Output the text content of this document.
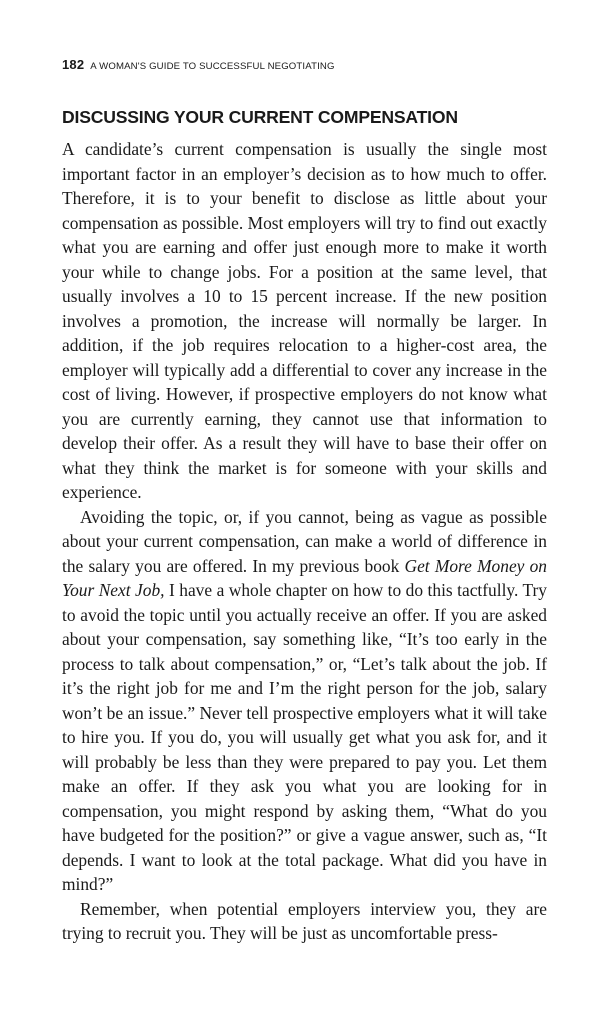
182 A WOMAN'S GUIDE TO SUCCESSFUL NEGOTIATING
DISCUSSING YOUR CURRENT COMPENSATION

A candidate’s current compensation is usually the single most important factor in an employer’s decision as to how much to offer. Therefore, it is to your benefit to disclose as little about your compensation as possible. Most employers will try to find out exactly what you are earning and offer just enough more to make it worth your while to change jobs. For a position at the same level, that usually involves a 10 to 15 percent increase. If the new position involves a promotion, the increase will normally be larger. In addition, if the job requires relocation to a higher-cost area, the employer will typically add a differential to cover any increase in the cost of living. However, if prospective employers do not know what you are currently earning, they cannot use that information to develop their offer. As a result they will have to base their offer on what they think the market is for someone with your skills and experience.

Avoiding the topic, or, if you cannot, being as vague as possible about your current compensation, can make a world of difference in the salary you are offered. In my previous book Get More Money on Your Next Job, I have a whole chapter on how to do this tactfully. Try to avoid the topic until you actually receive an offer. If you are asked about your compensation, say something like, “It’s too early in the process to talk about compensation,” or, “Let’s talk about the job. If it’s the right job for me and I’m the right person for the job, salary won’t be an issue.” Never tell prospective employers what it will take to hire you. If you do, you will usually get what you ask for, and it will probably be less than they were prepared to pay you. Let them make an offer. If they ask you what you are looking for in compensation, you might respond by asking them, “What do you have budgeted for the position?” or give a vague answer, such as, “It depends. I want to look at the total package. What did you have in mind?”

Remember, when potential employers interview you, they are trying to recruit you. They will be just as uncomfortable press-
